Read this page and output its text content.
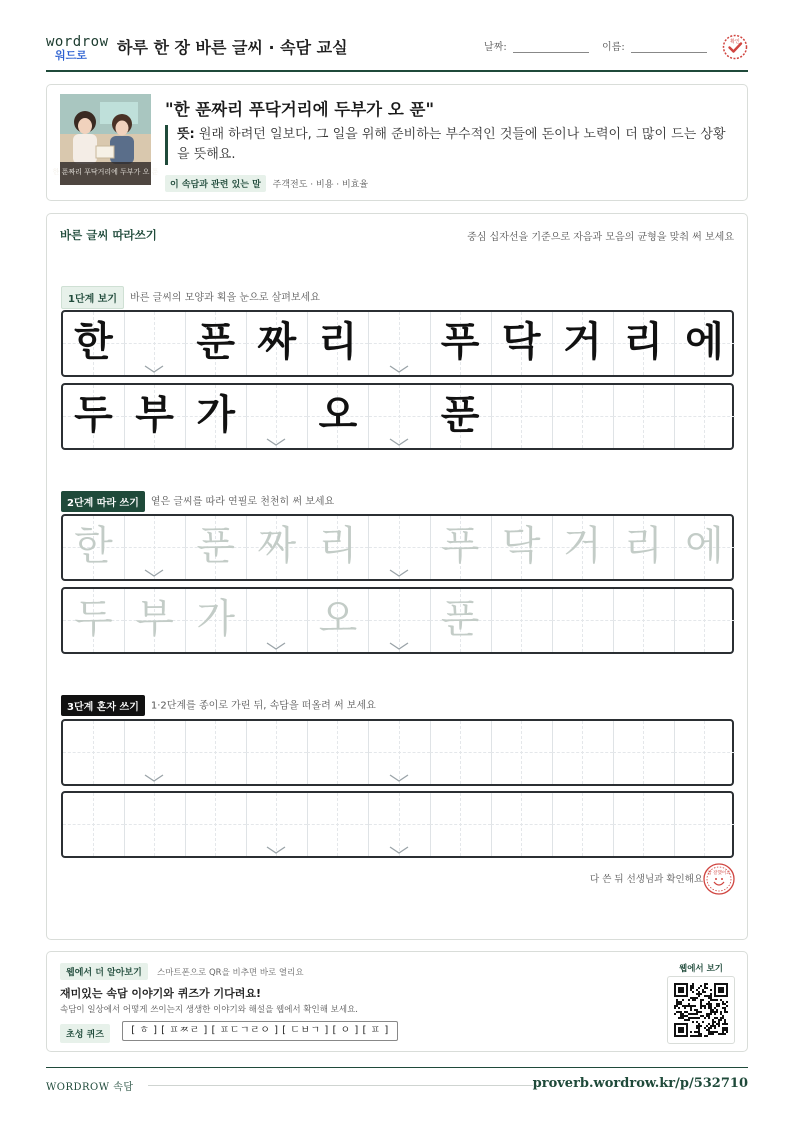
wordrow
워드로 하루 한 장 바른 글씨 · 속담 교실	날짜:	이름:	확인
한 푼짜리 푸닥거리에 두부가 오 푼
"한 푼짜리 푸닥거리에 두부가 오 푼"
뜻: 원래 하려던 일보다, 그 일을 위해 준비하는 부수적인 것들에 돈이나 노력이 더 많이 드는 상황을 뜻해요.
이 속담과 관련 있는 말 주객전도 · 비용 · 비효율
바른 글씨 따라쓰기	중심 십자선을 기준으로 자음과 모음의 균형을 맞춰 써 보세요
1단계 보기 바른 글씨의 모양과 획을 눈으로 살펴보세요
한 푼 짜 리 푸 닥 거 리 에
두 부 가 오 푼
2단계 따라 쓰기 옅은 글씨를 따라 연필로 천천히 써 보세요
한 푼 짜 리 푸 닥 거 리 에
두 부 가 오 푼
3단계 혼자 쓰기 1·2단계를 종이로 가린 뒤, 속담을 떠올려 써 보세요
다 쓴 뒤 선생님과 확인해요
참 잘했어요
웹에서 더 알아보기	스마트폰으로 QR을 비추면 바로 열리요
재미있는 속담 이야기와 퀴즈가 기다려요!
속담이 일상에서 어떻게 쓰이는지 생생한 이야기와 해설을 웹에서 확인해 보세요.
초성 퀴즈	[ ㅎ ] [ ㅍㅉㄹ ] [ ㅍㄷㄱㄹㅇ ] [ ㄷㅂㄱ ] [ ㅇ ] [ ㅍ ]
웹에서 보기
WORDROW 속담	proverb.wordrow.kr/p/532710
